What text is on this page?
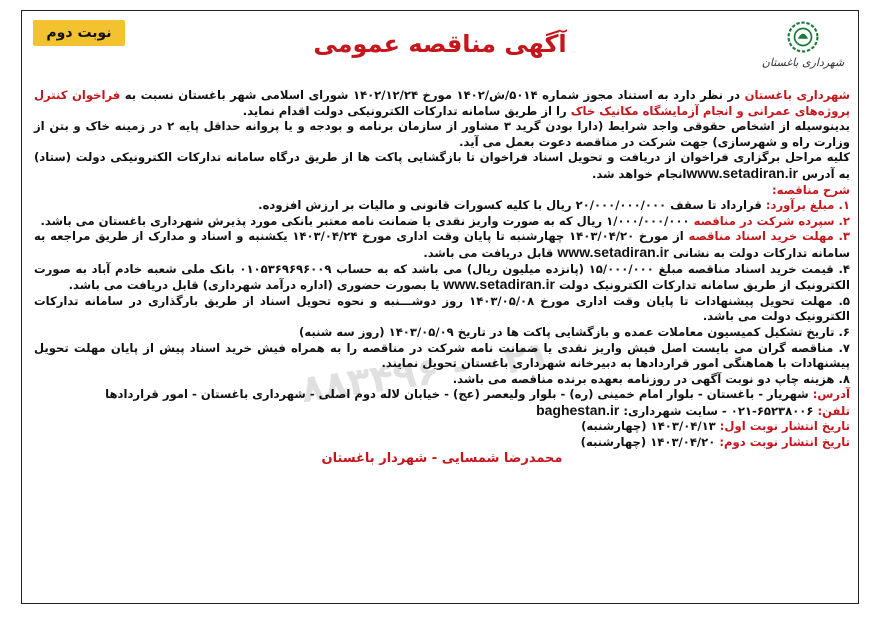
نوبت دوم
شهرداری باغستان
آگهی مناقصه عمومی
۰۲۱ - ۸۸۳۴۹۶

شهرداری باغستان در نظر دارد به استناد مجوز شماره ۵۰۱۴/ش/۱۴۰۲ مورخ ۱۴۰۲/۱۲/۲۴ شورای اسلامی شهر باغستان نسبت به فراخوان کنترل پروژه‌های عمرانی و انجام آزمایشگاه مکانیک خاک را از طریق سامانه تدارکات الکترونیکی دولت اقدام نماید.

بدینوسیله از اشخاص حقوقی واجد شرایط (دارا بودن گرید ۳ مشاور از سازمان برنامه و بودجه و یا پروانه حداقل پایه ۲ در زمینه خاک و بتن از وزارت راه و شهرسازی) جهت شرکت در مناقصه دعوت بعمل می آید.

کلیه مراحل برگزاری فراخوان از دریافت و تحویل اسناد فراخوان تا بازگشایی پاکت ها از طریق درگاه سامانه تدارکات الکترونیکی دولت (ستاد) به آدرس www.setadiran.irانجام خواهد شد.

شرح مناقصه:

۱. مبلغ برآورد: قرارداد تا سقف ۲۰/۰۰۰/۰۰۰/۰۰۰ ریال با کلیه کسورات قانونی و مالیات بر ارزش افزوده.

۲. سپرده شرکت در مناقصه ۱/۰۰۰/۰۰۰/۰۰۰ ریال که به صورت واریز نقدی یا ضمانت نامه معتبر بانکی مورد پذیرش شهرداری باغستان می باشد.

۳. مهلت خرید اسناد مناقصه از مورخ ۱۴۰۳/۰۴/۲۰ چهارشنبه تا پایان وقت اداری مورخ ۱۴۰۳/۰۴/۲۴ یکشنبه و اسناد و مدارک از طریق مراجعه به سامانه تدارکات دولت به نشانی www.setadiran.ir قابل دریافت می باشد.

۴. قیمت خرید اسناد مناقصه مبلغ ۱۵/۰۰۰/۰۰۰ (پانزده میلیون ریال) می باشد که به حساب ۰۱۰۵۳۶۹۶۹۶۰۰۹ بانک ملی شعبه خادم آباد به صورت الکترونیک از طریق سامانه تدارکات الکترونیک دولت www.setadiran.ir یا بصورت حضوری (اداره درآمد شهرداری) قابل دریافت می باشد.

۵. مهلت تحویل پیشنهادات تا پایان وقت اداری مورخ ۱۴۰۳/۰۵/۰۸ روز دوشـــنبه و نحوه تحویل اسناد از طریق بارگذاری در سامانه تدارکات الکترونیک دولت می باشد.

۶. تاریخ تشکیل کمیسیون معاملات عمده و بازگشایی پاکت ها در تاریخ ۱۴۰۳/۰۵/۰۹ (روز سه شنبه)

۷. مناقصه گران می بایست اصل فیش واریز نقدی یا ضمانت نامه شرکت در مناقصه را به همراه فیش خرید اسناد پیش از پایان مهلت تحویل پیشنهادات با هماهنگی امور قراردادها به دبیرخانه شهرداری باغستان تحویل نمایند.

۸. هزینه چاپ دو نوبت آگهی در روزنامه بعهده برنده مناقصه می باشد.

آدرس: شهریار - باغستان - بلوار امام خمینی (ره) - بلوار ولیعصر (عج) - خیابان لاله دوم اصلی - شهرداری باغستان - امور قراردادها

تلفن: ۶۵۲۳۸۰۰۶-۰۲۱ - سایت شهرداری: baghestan.ir

تاریخ انتشار نوبت اول: ۱۴۰۳/۰۴/۱۳ (چهارشنبه)

تاریخ انتشار نوبت دوم: ۱۴۰۳/۰۴/۲۰ (چهارشنبه)

محمدرضا شمسایی - شهردار باغستان
